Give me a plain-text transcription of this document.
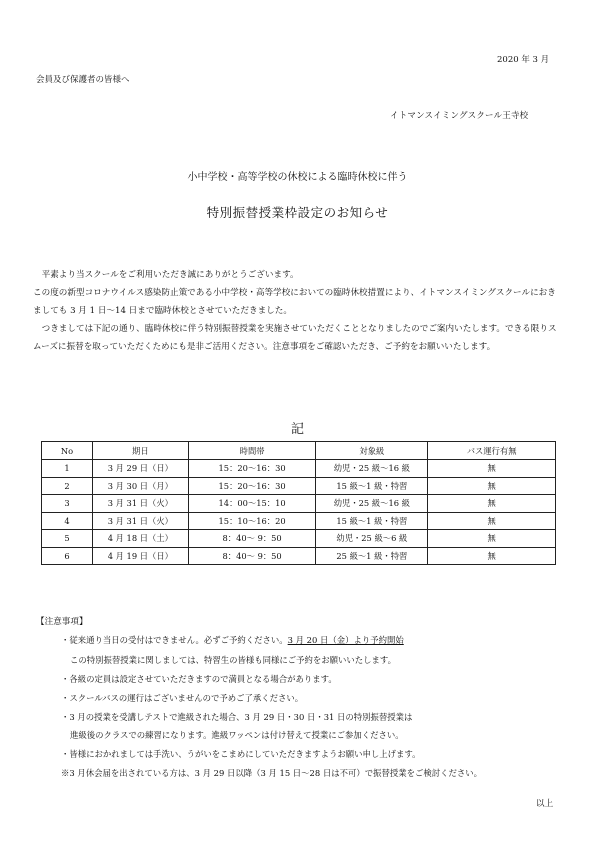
2020 年 3 月
会員及び保護者の皆様へ
イトマンスイミングスクール王寺校
小中学校・高等学校の休校による臨時休校に伴う
特別振替授業枠設定のお知らせ

　平素より当スクールをご利用いただき誠にありがとうございます。

この度の新型コロナウイルス感染防止策である小中学校・高等学校においての臨時休校措置により、イトマンスイミングスクールにおきましても 3 月 1 日～14 日まで臨時休校とさせていただきました。

　つきましては下記の通り、臨時休校に伴う特別振替授業を実施させていただくこととなりましたのでご案内いたします。できる限りスムーズに振替を取っていただくためにも是非ご活用ください。注意事項をご確認いただき、ご予約をお願いいたします。

記
No	期日	時間帯	対象級	バス運行有無
1	3 月 29 日（日）	15：20～16：30	幼児・25 級～16 級	無
2	3 月 30 日（月）	15：20～16：30	15 級～1 級・特習	無
3	3 月 31 日（火）	14：00～15：10	幼児・25 級～16 級	無
4	3 月 31 日（火）	15：10～16：20	15 級～1 級・特習	無
5	4 月 18 日（土）	8：40～ 9：50	幼児・25 級～6 級	無
6	4 月 19 日（日）	8：40～ 9：50	25 級～1 級・特習	無
【注意事項】
・従来通り当日の受付はできません。必ずご予約ください。3 月 20 日（金）より予約開始
この特別振替授業に関しましては、特習生の皆様も同様にご予約をお願いいたします。
・各級の定員は設定させていただきますので満員となる場合があります。
・スクールバスの運行はございませんので予めご了承ください。
・3 月の授業を受講しテストで進級された場合、3 月 29 日・30 日・31 日の特別振替授業は
進級後のクラスでの練習になります。進級ワッペンは付け替えて授業にご参加ください。
・皆様におかれましては手洗い、うがいをこまめにしていただきますようお願い申し上げます。
※3 月休会届を出されている方は、3 月 29 日以降（3 月 15 日～28 日は不可）で振替授業をご検討ください。
以上
